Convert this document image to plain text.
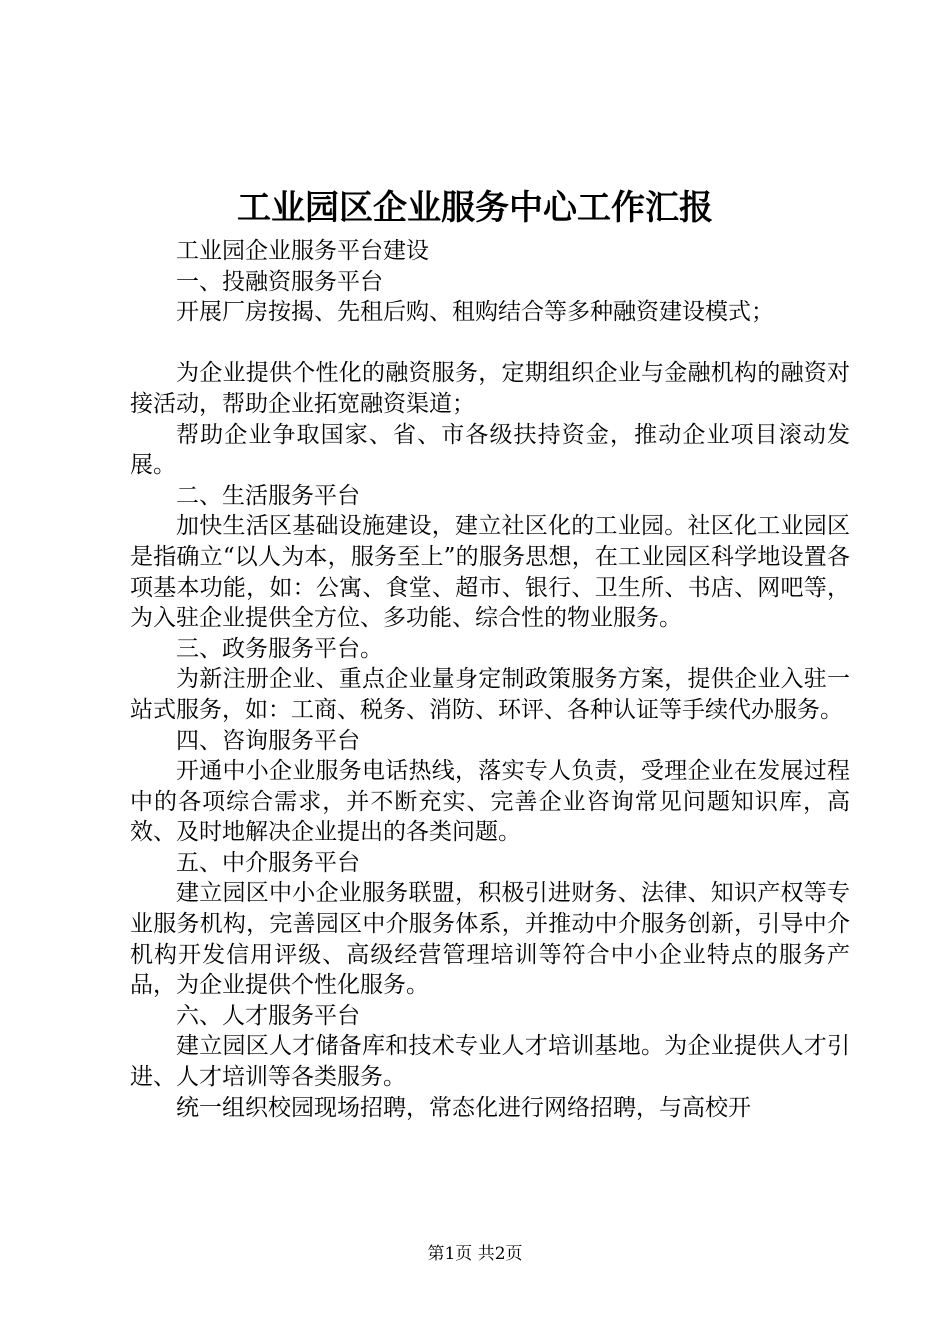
工业园区企业服务中心工作汇报

工业园企业服务平台建设

一、投融资服务平台

开展厂房按揭、先租后购、租购结合等多种融资建设模式；

为企业提供个性化的融资服务，定期组织企业与金融机构的融资对接活动，帮助企业拓宽融资渠道；

帮助企业争取国家、省、市各级扶持资金，推动企业项目滚动发展。

二、生活服务平台

加快生活区基础设施建设，建立社区化的工业园。社区化工业园区是指确立“以人为本，服务至上”的服务思想，在工业园区科学地设置各项基本功能，如：公寓、食堂、超市、银行、卫生所、书店、网吧等，为入驻企业提供全方位、多功能、综合性的物业服务。

三、政务服务平台。

为新注册企业、重点企业量身定制政策服务方案，提供企业入驻一站式服务，如：工商、税务、消防、环评、各种认证等手续代办服务。

四、咨询服务平台

开通中小企业服务电话热线，落实专人负责，受理企业在发展过程中的各项综合需求，并不断充实、完善企业咨询常见问题知识库，高效、及时地解决企业提出的各类问题。

五、中介服务平台

建立园区中小企业服务联盟，积极引进财务、法律、知识产权等专业服务机构，完善园区中介服务体系，并推动中介服务创新，引导中介机构开发信用评级、高级经营管理培训等符合中小企业特点的服务产品，为企业提供个性化服务。

六、人才服务平台

建立园区人才储备库和技术专业人才培训基地。为企业提供人才引进、人才培训等各类服务。

统一组织校园现场招聘，常态化进行网络招聘，与高校开

第1页 共2页
